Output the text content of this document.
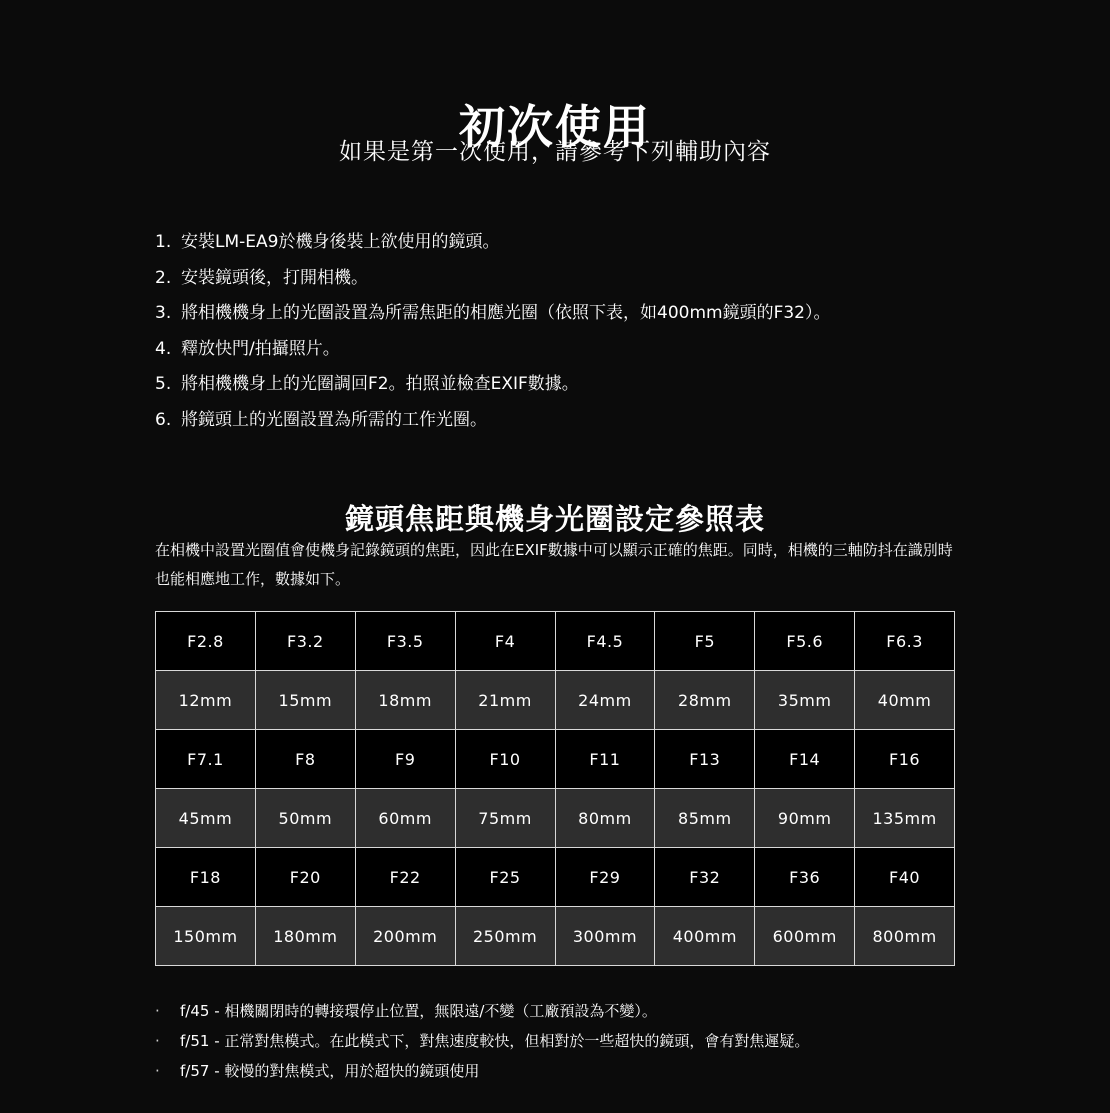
初次使用
如果是第一次使用，請參考下列輔助內容
1. 安裝LM-EA9於機身後裝上欲使用的鏡頭。
2. 安裝鏡頭後，打開相機。
3. 將相機機身上的光圈設置為所需焦距的相應光圈（依照下表，如400mm鏡頭的F32）。
4. 釋放快門/拍攝照片。
5. 將相機機身上的光圈調回F2。拍照並檢查EXIF數據。
6. 將鏡頭上的光圈設置為所需的工作光圈。
鏡頭焦距與機身光圈設定參照表

在相機中設置光圈值會使機身記錄鏡頭的焦距，因此在EXIF數據中可以顯示正確的焦距。同時，相機的三軸防抖在識別時也能相應地工作，數據如下。

F2.8	F3.2	F3.5	F4	F4.5	F5	F5.6	F6.3
12mm	15mm	18mm	21mm	24mm	28mm	35mm	40mm
F7.1	F8	F9	F10	F11	F13	F14	F16
45mm	50mm	60mm	75mm	80mm	85mm	90mm	135mm
F18	F20	F22	F25	F29	F32	F36	F40
150mm	180mm	200mm	250mm	300mm	400mm	600mm	800mm
· f/45 - 相機關閉時的轉接環停止位置，無限遠/不變（工廠預設為不變）。
· f/51 - 正常對焦模式。在此模式下，對焦速度較快，但相對於一些超快的鏡頭，會有對焦遲疑。
· f/57 - 較慢的對焦模式，用於超快的鏡頭使用
